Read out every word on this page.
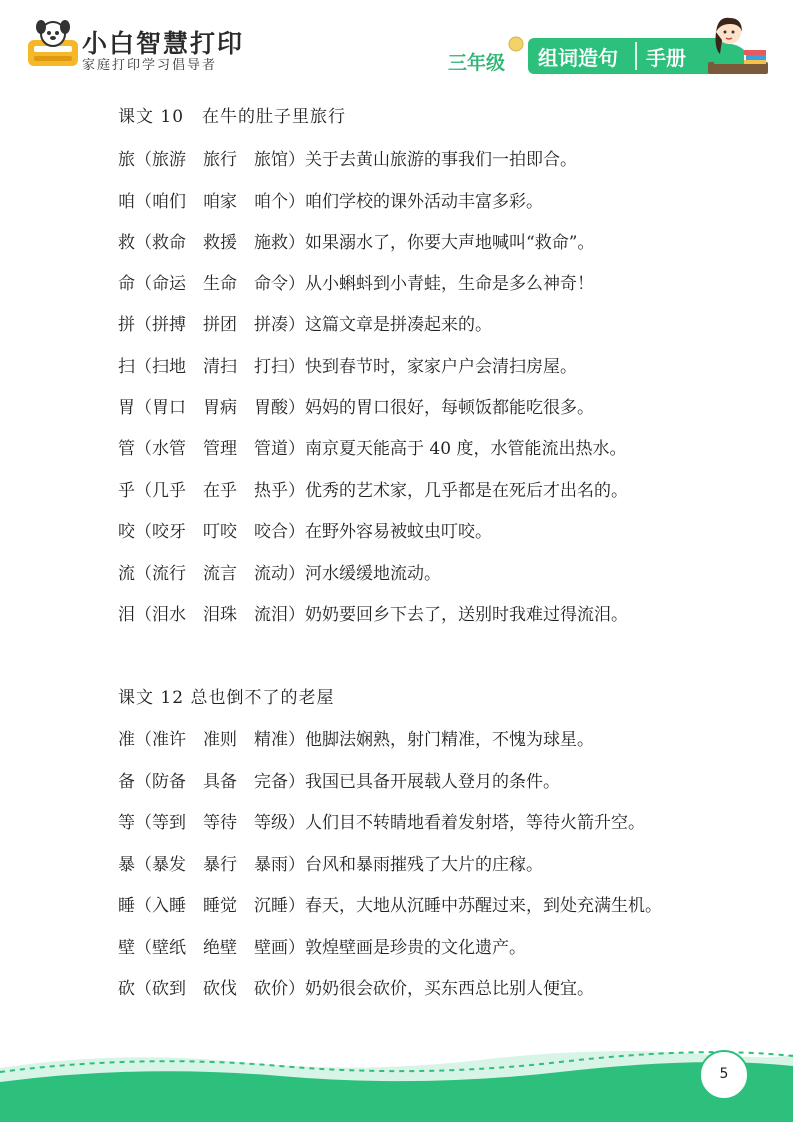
小白智慧打印
家庭打印学习倡导者	三年级 组词造句 手册
课文 10　在牛的肚子里旅行
旅（旅游　旅行　旅馆）关于去黄山旅游的事我们一拍即合。
咱（咱们　咱家　咱个）咱们学校的课外活动丰富多彩。
救（救命　救援　施救）如果溺水了，你要大声地喊叫“救命”。
命（命运　生命　命令）从小蝌蚪到小青蛙，生命是多么神奇！
拼（拼搏　拼团　拼凑）这篇文章是拼凑起来的。
扫（扫地　清扫　打扫）快到春节时，家家户户会清扫房屋。
胃（胃口　胃病　胃酸）妈妈的胃口很好，每顿饭都能吃很多。
管（水管　管理　管道）南京夏天能高于 40 度，水管能流出热水。
乎（几乎　在乎　热乎）优秀的艺术家，几乎都是在死后才出名的。
咬（咬牙　叮咬　咬合）在野外容易被蚊虫叮咬。
流（流行　流言　流动）河水缓缓地流动。
泪（泪水　泪珠　流泪）奶奶要回乡下去了，送别时我难过得流泪。
课文 12 总也倒不了的老屋
准（准许　准则　精准）他脚法娴熟，射门精准，不愧为球星。
备（防备　具备　完备）我国已具备开展载人登月的条件。
等（等到　等待　等级）人们目不转睛地看着发射塔，等待火箭升空。
暴（暴发　暴行　暴雨）台风和暴雨摧残了大片的庄稼。
睡（入睡　睡觉　沉睡）春天，大地从沉睡中苏醒过来，到处充满生机。
壁（壁纸　绝壁　壁画）敦煌壁画是珍贵的文化遗产。
砍（砍到　砍伐　砍价）奶奶很会砍价，买东西总比别人便宜。
5
